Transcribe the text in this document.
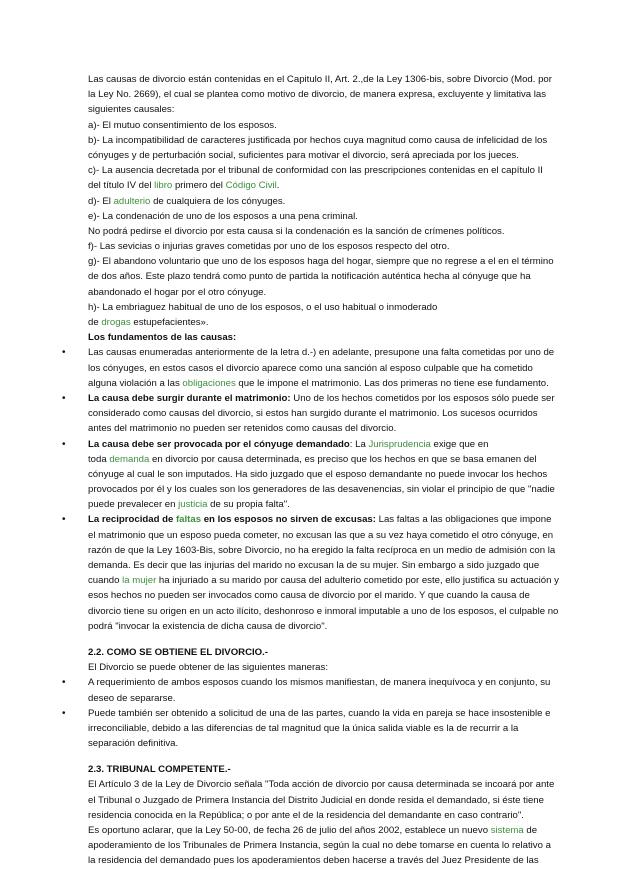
Las causas de divorcio están contenidas en el Capitulo II, Art. 2.,de la Ley 1306-bis, sobre Divorcio (Mod. por
la Ley No. 2669), el cual se plantea como motivo de divorcio, de manera expresa, excluyente y limitativa las
siguientes causales:
a)- El mutuo consentimiento de los esposos.
b)- La incompatibilidad de caracteres justificada por hechos cuya magnitud como causa de infelicidad de los
cónyuges y de perturbación social, suficientes para motivar el divorcio, será apreciada por los jueces.
c)- La ausencia decretada por el tribunal de conformidad con las prescripciones contenidas en el capítulo II
del título IV del libro primero del Código Civil.
d)- El adulterio de cualquiera de los cónyuges.
e)- La condenación de uno de los esposos a una pena criminal.
No podrá pedirse el divorcio por esta causa si la condenación es la sanción de crímenes políticos.
f)- Las sevicias o injurias graves cometidas por uno de los esposos respecto del otro.
g)- El abandono voluntario que uno de los esposos haga del hogar, siempre que no regrese a el en el término
de dos años. Este plazo tendrá como punto de partida la notificación auténtica hecha al cónyuge que ha
abandonado el hogar por el otro cónyuge.
h)- La embriaguez habitual de uno de los esposos, o el uso habitual o inmoderado
de drogas estupefacientes».
Los fundamentos de las causas:
• Las causas enumeradas anteriormente de la letra d.-) en adelante, presupone una falta cometidas por uno de
los cónyuges, en estos casos el divorcio aparece como una sanción al esposo culpable que ha cometido
alguna violación a las obligaciones que le impone el matrimonio. Las dos primeras no tiene ese fundamento.
• La causa debe surgir durante el matrimonio: Uno de los hechos cometidos por los esposos sólo puede ser
considerado como causas del divorcio, si estos han surgido durante el matrimonio. Los sucesos ocurridos
antes del matrimonio no pueden ser retenidos como causas del divorcio.
• La causa debe ser provocada por el cónyuge demandado: La Jurisprudencia exige que en
toda demanda en divorcio por causa determinada, es preciso que los hechos en que se basa emanen del
cónyuge al cual le son imputados. Ha sido juzgado que el esposo demandante no puede invocar los hechos
provocados por él y los cuales son los generadores de las desavenencias, sin violar el principio de que "nadie
puede prevalecer en justicia de su propia falta".
• La reciprocidad de faltas en los esposos no sirven de excusas: Las faltas a las obligaciones que impone
el matrimonio que un esposo pueda cometer, no excusan las que a su vez haya cometido el otro cónyuge, en
razón de que la Ley 1603-Bis, sobre Divorcio, no ha eregido la falta recíproca en un medio de admisión con la
demanda. Es decir que las injurias del marido no excusan la de su mujer. Sin embargo a sido juzgado que
cuando la mujer ha injuriado a su marido por causa del adulterio cometido por este, ello justifica su actuación y
esos hechos no pueden ser invocados como causa de divorcio por el marido. Y que cuando la causa de
divorcio tiene su origen en un acto ilícito, deshonroso e inmoral imputable a uno de los esposos, el culpable no
podrá "invocar la existencia de dicha causa de divorcio".
2.2. COMO SE OBTIENE EL DIVORCIO.-
El Divorcio se puede obtener de las siguientes maneras:
• A requerimiento de ambos esposos cuando los mismos manifiestan, de manera inequívoca y en conjunto, su
deseo de separarse.
• Puede también ser obtenido a solicitud de una de las partes, cuando la vida en pareja se hace insostenible e
irreconciliable, debido a las diferencias de tal magnitud que la única salida viable es la de recurrir a la
separación definitiva.
2.3. TRIBUNAL COMPETENTE.-
El Artículo 3 de la Ley de Divorcio señala "Toda acción de divorcio por causa determinada se incoará por ante
el Tribunal o Juzgado de Primera Instancia del Distrito Judicial en donde resida el demandado, si éste tiene
residencia conocida en la República; o por ante el de la residencia del demandante en caso contrario".
Es oportuno aclarar, que la Ley 50-00, de fecha 26 de julio del años 2002, establece un nuevo sistema de
apoderamiento de los Tribunales de Primera Instancia, según la cual no debe tomarse en cuenta lo relativo a
la residencia del demandado pues los apoderamientos deben hacerse a través del Juez Presidente de las
